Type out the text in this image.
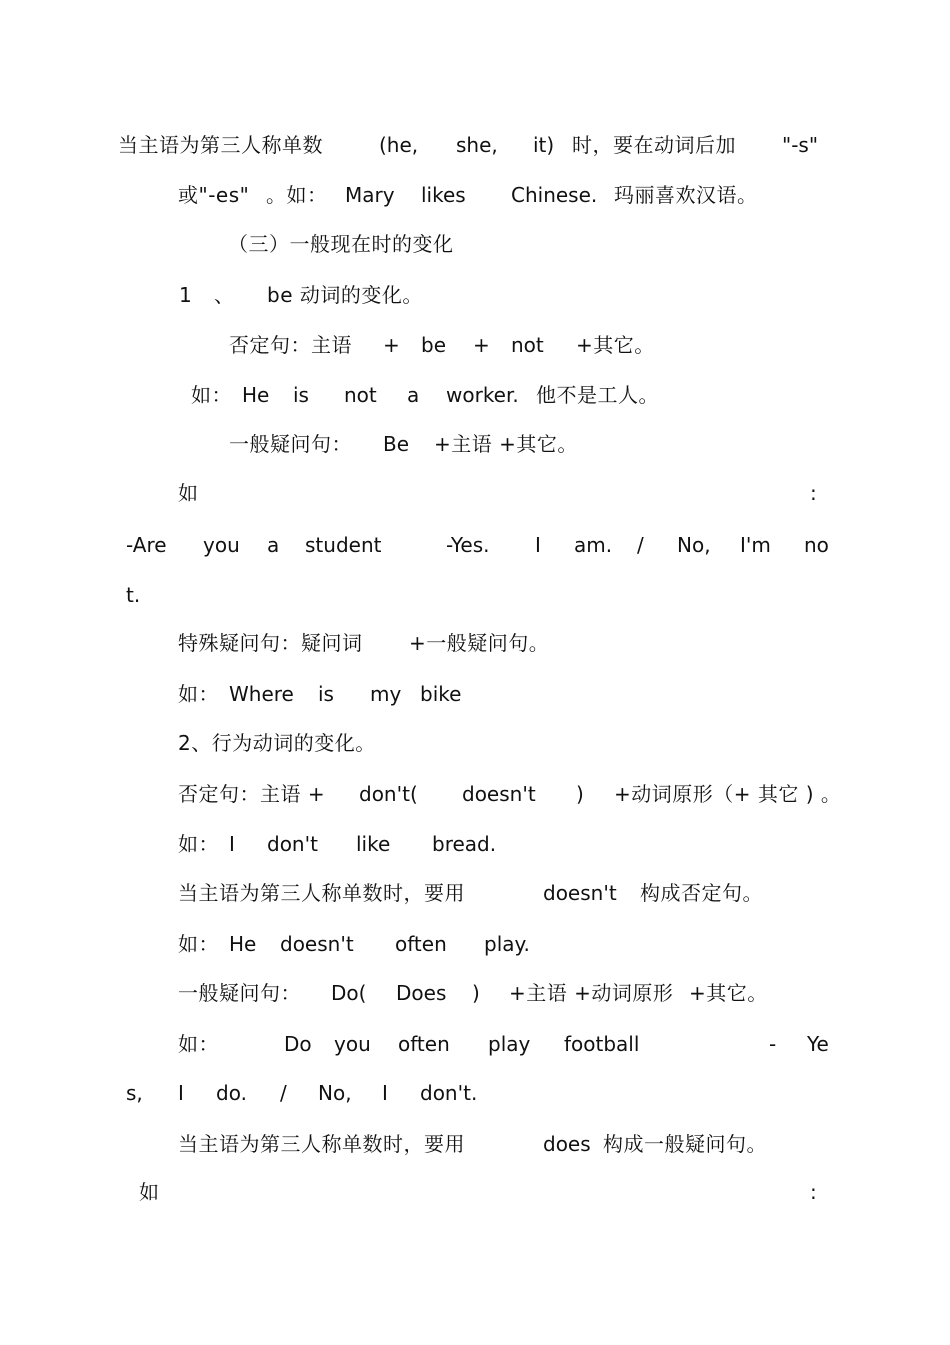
当主语为第三人称单数	(he, she, it) 时，要在动词后加 "-s"
或"-es" 。如： Mary likes Chinese. 玛丽喜欢汉语。
（三）一般现在时的变化
1 、 be 动词的变化。
否定句：主语 + be + not +其它。
如： He is not a worker. 他不是工人。
一般疑问句： Be +主语 +其它。
如	:
-Are you a student	-Yes. I am. / No, I'm no
t.
特殊疑问句：疑问词 +一般疑问句。
如： Where is my bike
2、行为动词的变化。
否定句：主语 + don't( doesn't ) +动词原形（+ 其它 ) 。
如： I don't like bread.
当主语为第三人称单数时，要用	doesn't 构成否定句。
如： He doesn't often play.
一般疑问句： Do( Does ) +主语 +动词原形 +其它。
如：	Do you often play football	- Ye
s, I do. / No, I don't.
当主语为第三人称单数时，要用	does 构成一般疑问句。
如	:
